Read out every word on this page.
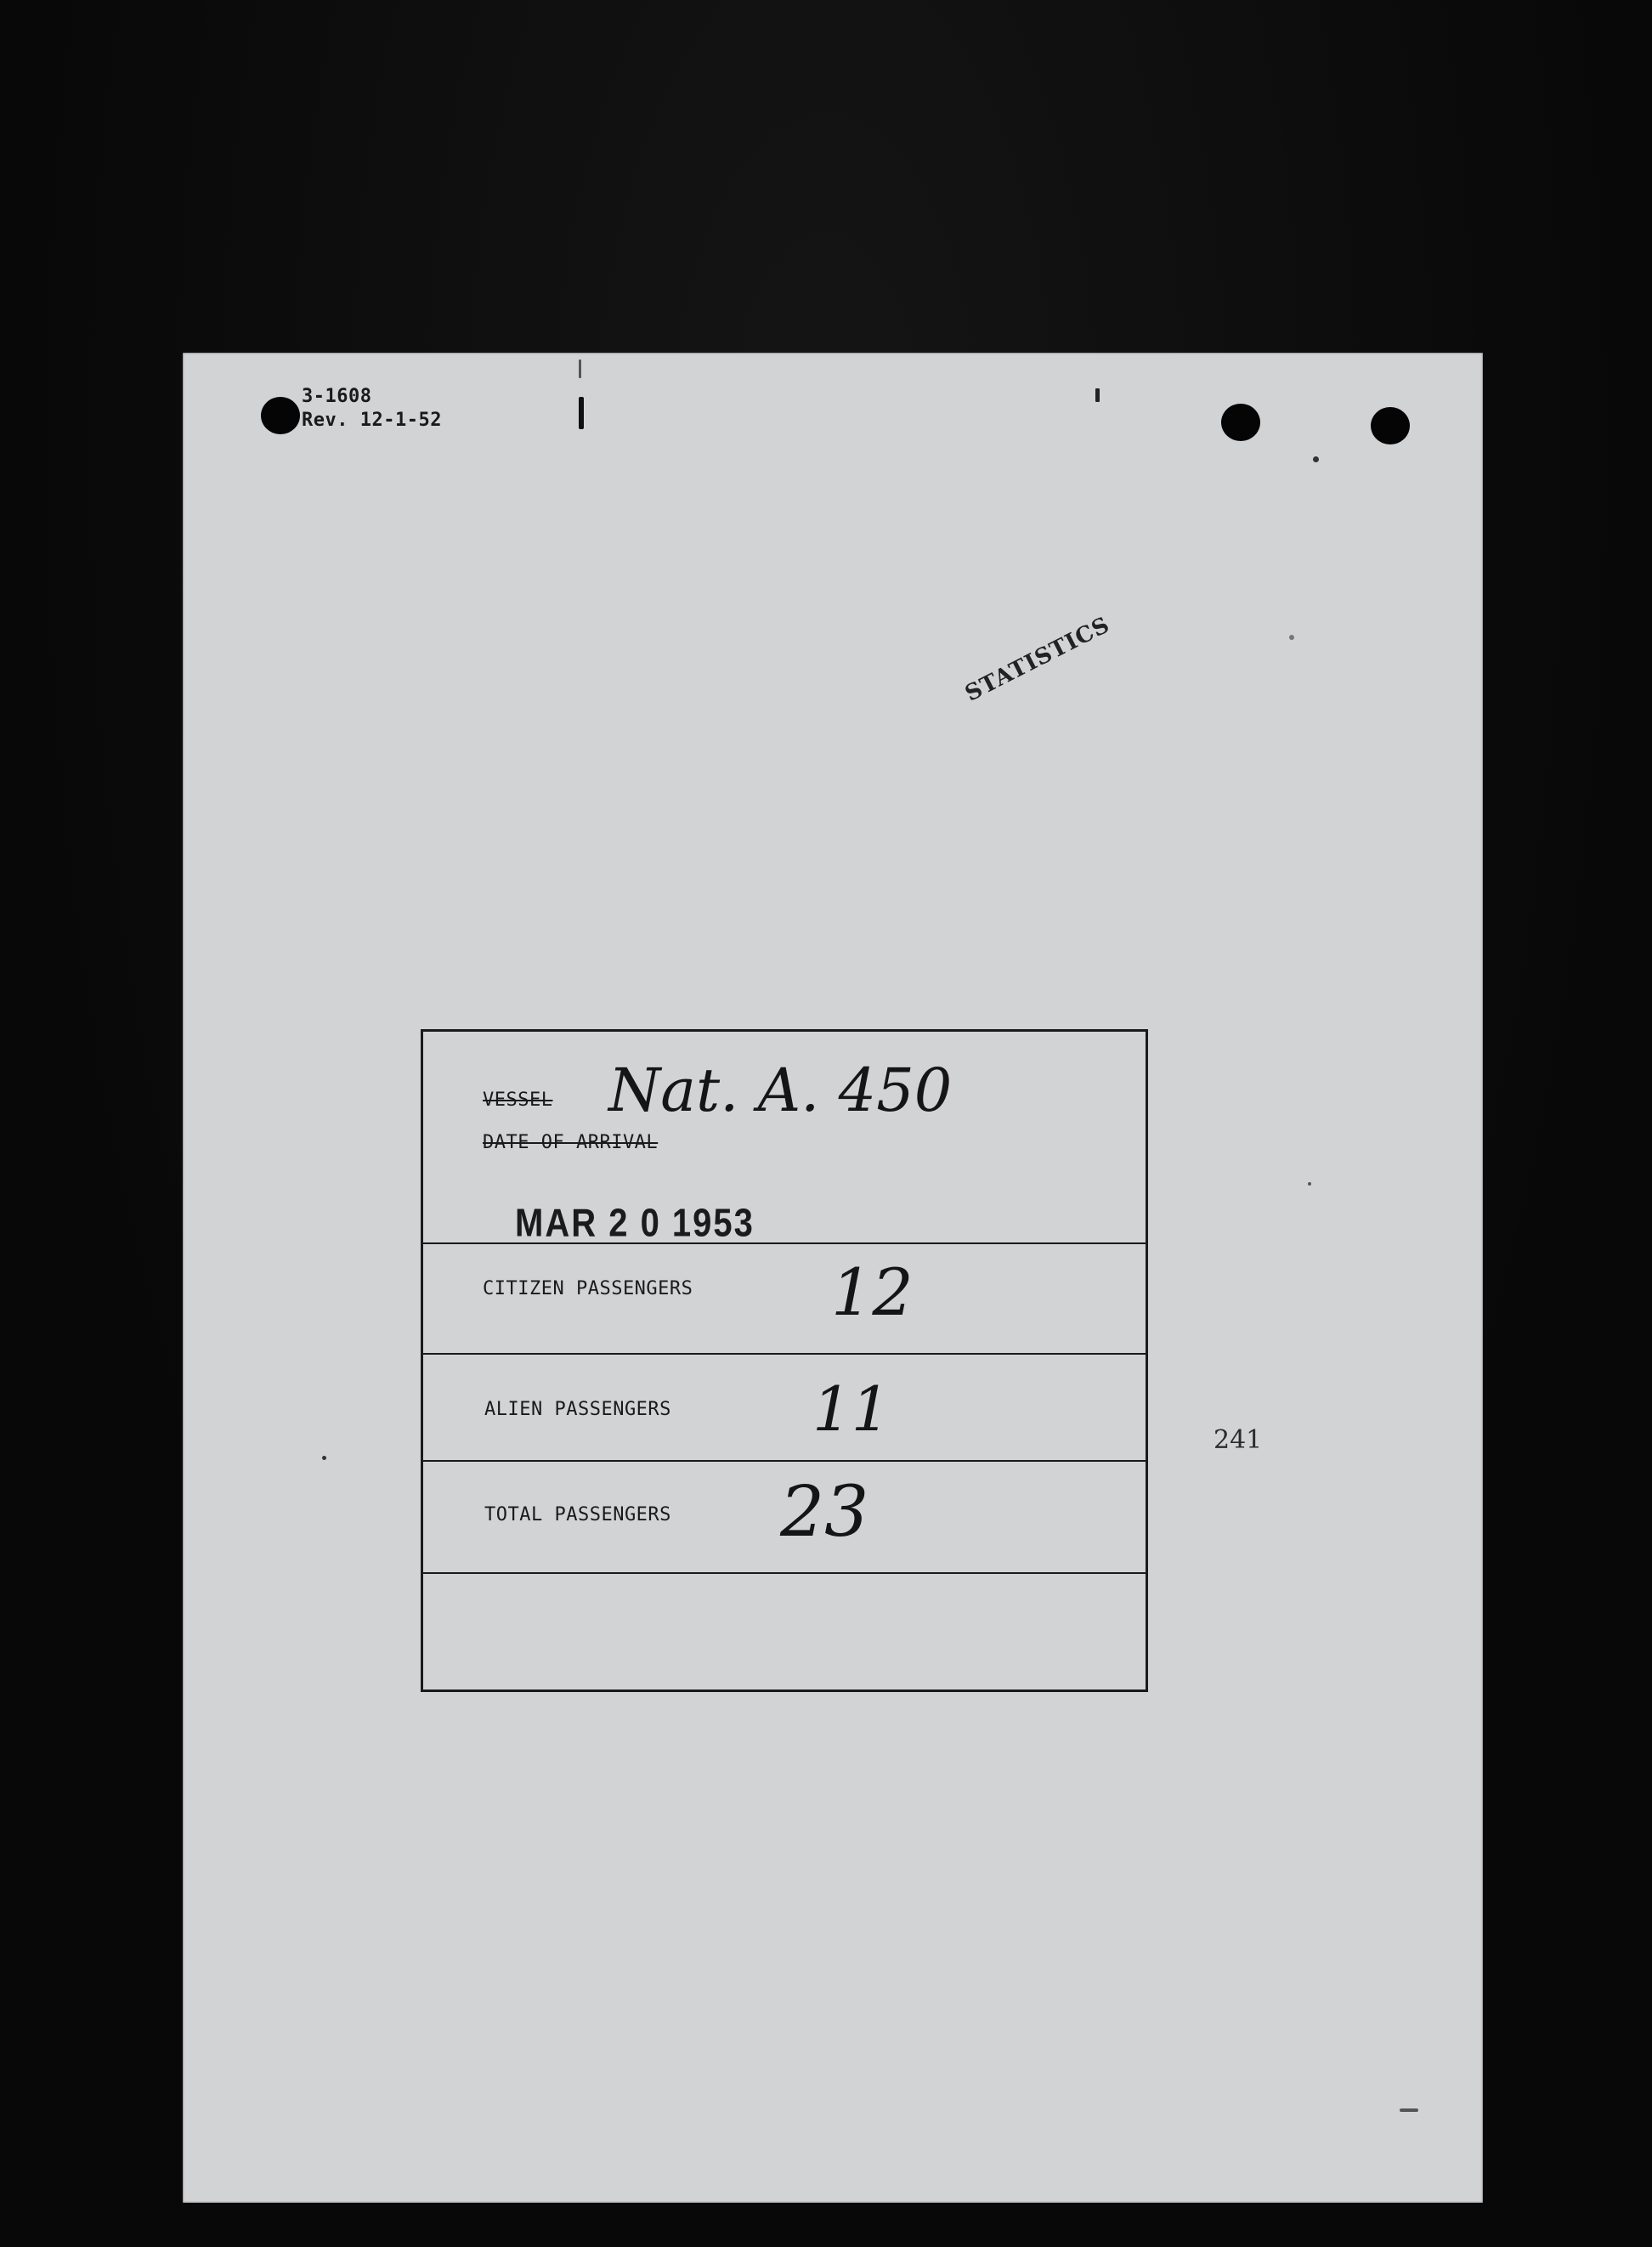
3-1608
Rev. 12-1-52
STATISTICS
241
VESSEL Nat. A. 450
DATE OF ARRIVAL
MAR 2 0 1953
CITIZEN PASSENGERS 12
ALIEN PASSENGERS 11
TOTAL PASSENGERS 23
